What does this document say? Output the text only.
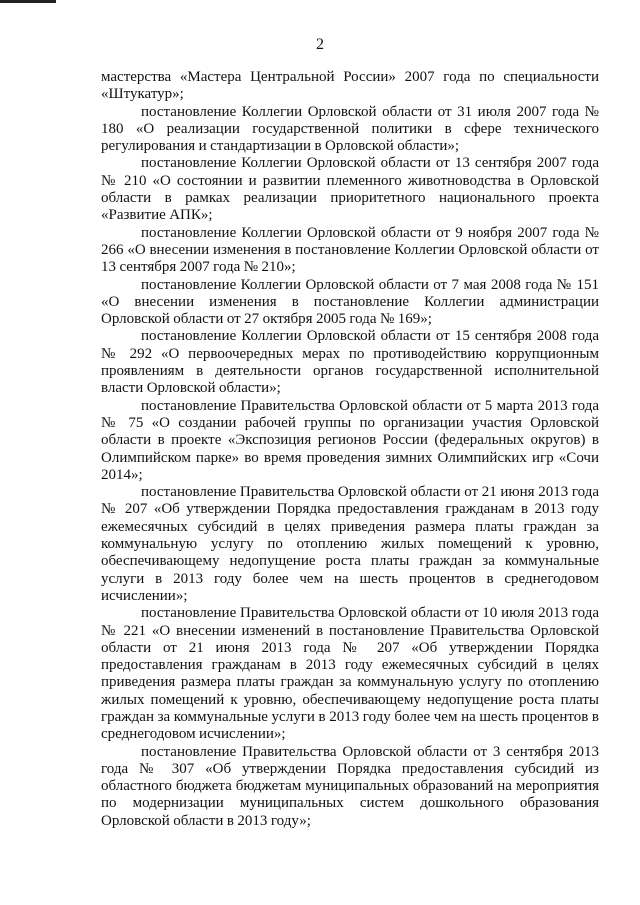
2

мастерства «Мастера Центральной России» 2007 года по специальности «Штукатур»;

постановление Коллегии Орловской области от 31 июля 2007 года № 180 «О реализации государственной политики в сфере технического регулирования и стандартизации в Орловской области»;

постановление Коллегии Орловской области от 13 сентября 2007 года № 210 «О состоянии и развитии племенного животноводства в Орловской области в рамках реализации приоритетного национального проекта «Развитие АПК»;

постановление Коллегии Орловской области от 9 ноября 2007 года № 266 «О внесении изменения в постановление Коллегии Орловской области от 13 сентября 2007 года № 210»;

постановление Коллегии Орловской области от 7 мая 2008 года № 151 «О внесении изменения в постановление Коллегии администрации Орловской области от 27 октября 2005 года № 169»;

постановление Коллегии Орловской области от 15 сентября 2008 года № 292 «О первоочередных мерах по противодействию коррупционным проявлениям в деятельности органов государственной исполнительной власти Орловской области»;

постановление Правительства Орловской области от 5 марта 2013 года № 75 «О создании рабочей группы по организации участия Орловской области в проекте «Экспозиция регионов России (федеральных округов) в Олимпийском парке» во время проведения зимних Олимпийских игр «Сочи 2014»;

постановление Правительства Орловской области от 21 июня 2013 года № 207 «Об утверждении Порядка предоставления гражданам в 2013 году ежемесячных субсидий в целях приведения размера платы граждан за коммунальную услугу по отоплению жилых помещений к уровню, обеспечивающему недопущение роста платы граждан за коммунальные услуги в 2013 году более чем на шесть процентов в среднегодовом исчислении»;

постановление Правительства Орловской области от 10 июля 2013 года № 221 «О внесении изменений в постановление Правительства Орловской области от 21 июня 2013 года № 207 «Об утверждении Порядка предоставления гражданам в 2013 году ежемесячных субсидий в целях приведения размера платы граждан за коммунальную услугу по отоплению жилых помещений к уровню, обеспечивающему недопущение роста платы граждан за коммунальные услуги в 2013 году более чем на шесть процентов в среднегодовом исчислении»;

постановление Правительства Орловской области от 3 сентября 2013 года № 307 «Об утверждении Порядка предоставления субсидий из областного бюджета бюджетам муниципальных образований на мероприятия по модернизации муниципальных систем дошкольного образования Орловской области в 2013 году»;
